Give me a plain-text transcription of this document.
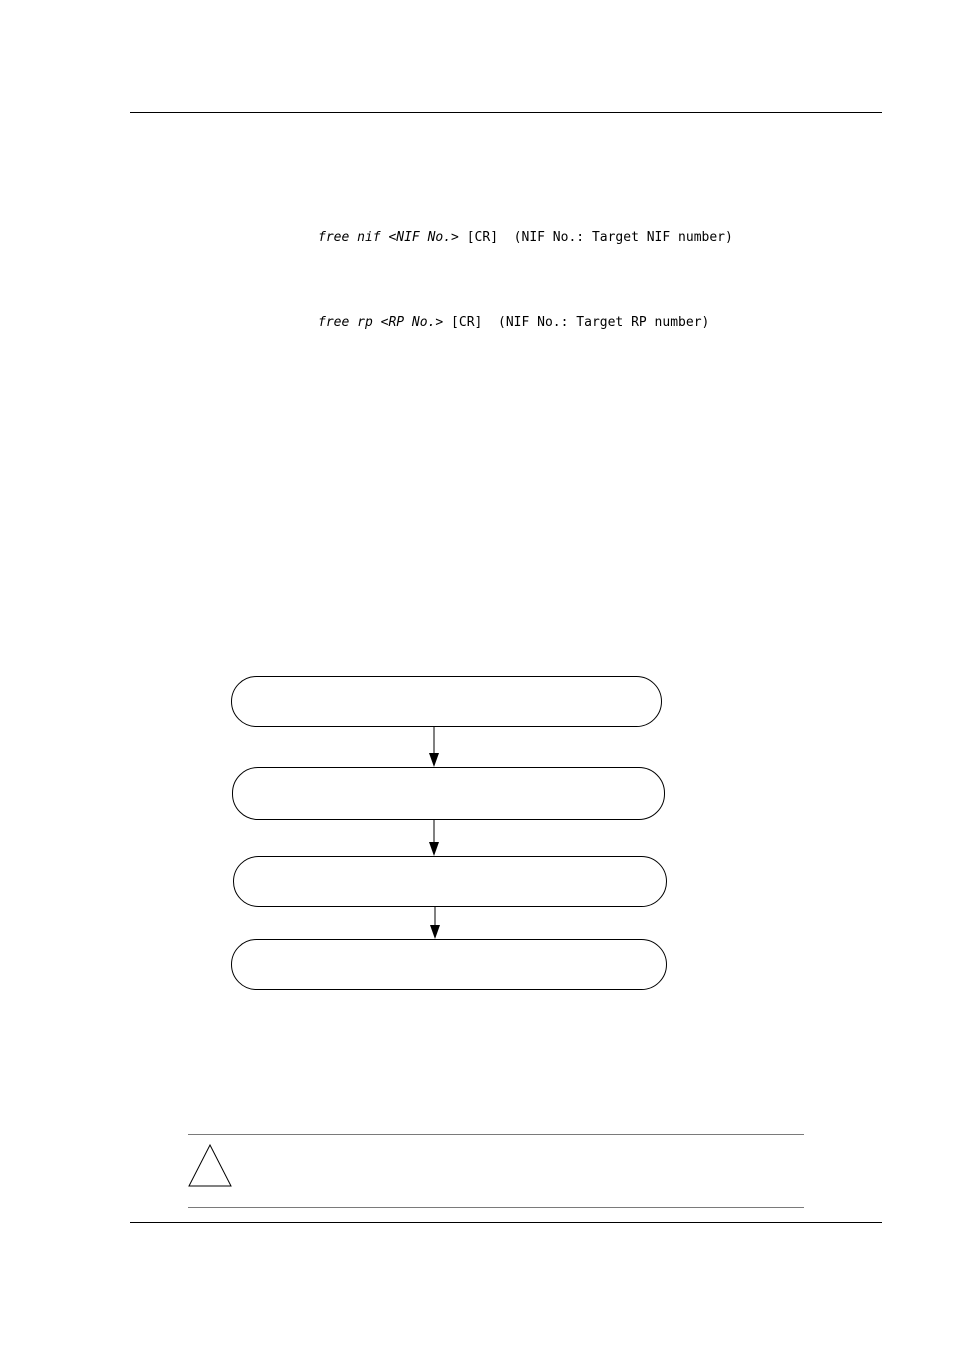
free nif <NIF No.> [CR]  (NIF No.: Target NIF number)
free rp <RP No.> [CR]  (NIF No.: Target RP number)
